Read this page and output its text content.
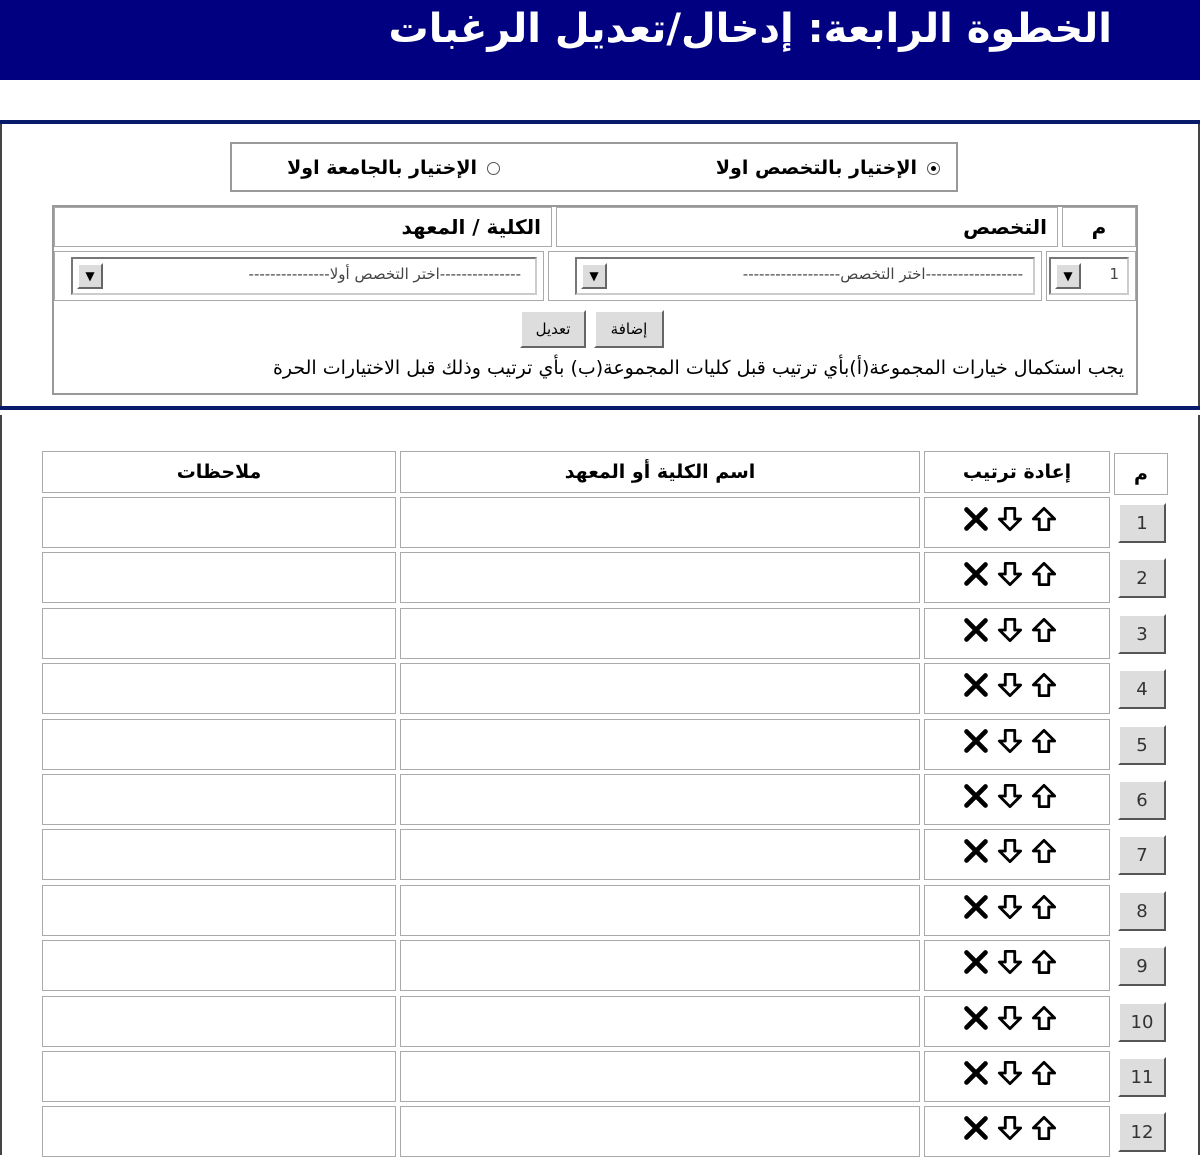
الخطوة الرابعة: إدخال/تعديل الرغبات
الإختيار بالتخصص اولا
الإختيار بالجامعة اولا
م
التخصص
الكلية / المعهد
1
▼
------------------اختر التخصص------------------
▼
---------------اختر التخصص أولا---------------
▼
إضافة
تعديل
يجب استكمال خيارات المجموعة(أ)بأي ترتيب قبل كليات المجموعة(ب) بأي ترتيب وذلك قبل الاختيارات الحرة
م
إعادة ترتيب
اسم الكلية أو المعهد
ملاحظات
1
2
3
4
5
6
7
8
9
10
11
12
